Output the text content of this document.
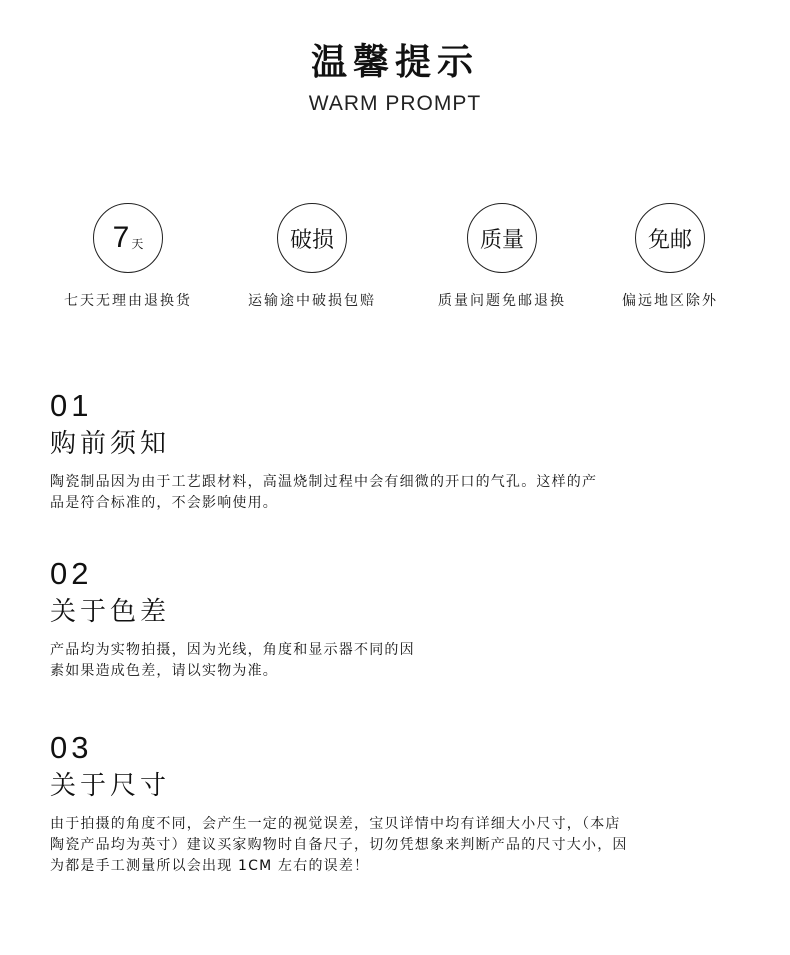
温馨提示
WARM PROMPT
7 天
七天无理由退换货
破损
运输途中破损包赔
质量
质量问题免邮退换
免邮
偏远地区除外
01
购前须知
陶瓷制品因为由于工艺跟材料，高温烧制过程中会有细微的开口的气孔。这样的产
品是符合标准的，不会影响使用。
02
关于色差
产品均为实物拍摄，因为光线，角度和显示器不同的因
素如果造成色差，请以实物为准。
03
关于尺寸
由于拍摄的角度不同，会产生一定的视觉误差，宝贝详情中均有详细大小尺寸，（本店
陶瓷产品均为英寸）建议买家购物时自备尺子，切勿凭想象来判断产品的尺寸大小，因
为都是手工测量所以会出现 1CM 左右的误差！
